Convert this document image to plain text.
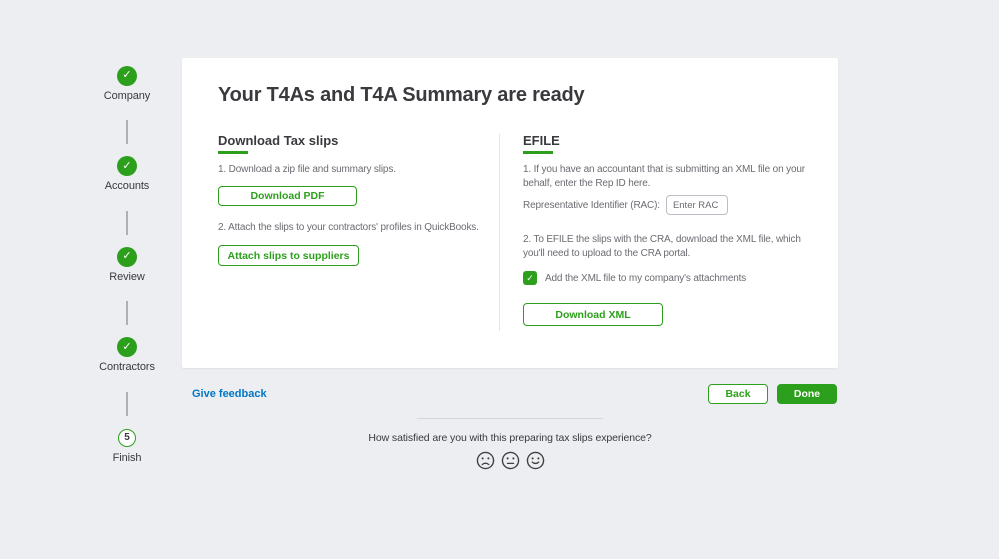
✓
Company
✓
Accounts
✓
Review
✓
Contractors
5
Finish
Your T4As and T4A Summary are ready
Download Tax slips

1. Download a zip file and summary slips.

Download PDF

2. Attach the slips to your contractors' profiles in QuickBooks.

Attach slips to suppliers
EFILE

1. If you have an accountant that is submitting an XML file on your behalf, enter the Rep ID here.

Representative Identifier (RAC):
Enter RAC

2. To EFILE the slips with the CRA, download the XML file, which you'll need to upload to the CRA portal.

✓ Add the XML file to my company's attachments
Download XML
Give feedback	Back	Done
How satisfied are you with this preparing tax slips experience?
